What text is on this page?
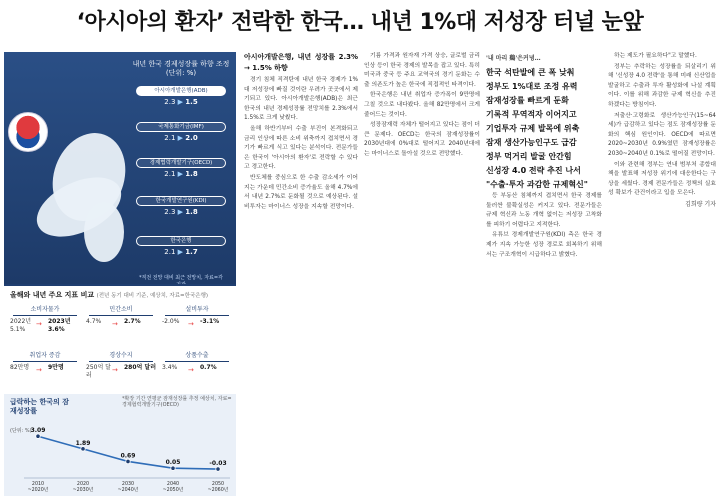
‘아시아의 환자’ 전락한 한국… 내년 1%대 저성장 터널 눈앞
내년 한국 경제성장률 하향 조정
(단위: %)
아시아개발은행(ADB)
2.3 ▶ 1.5
국제통화기금(IMF)
2.1 ▶ 2.0
경제협력개발기구(OECD)
2.1 ▶ 1.8
한국개발연구원(KDI)
2.3 ▶ 1.8
한국은행
2.1 ▶ 1.7
*직전 전망 대비 최근 전망치, 자료=각
올해와 내년 주요 지표 비교 (전년 동기 대비 기준, 예상치, 자료=한국은행)
소비자물가
2022년 5.1%
→ 2023년 3.6%
민간소비
4.7% → 2.7%
설비투자
-2.0% → -3.1%
취업자 증감
82만명 → 9만명
경상수지
250억 달러
→ 280억 달러
상품수출
3.4% → 0.7%
급락하는 한국의 잠재성장률
(단위: %)
*확장 기간 연평균 잠재성장률 추정 예상치, 자료=경제협력개발기구(OECD)
3.09
1.89
0.69
0.05	-0.03
2010
~2020년
2020
~2030년
2030
~2040년
2040
~2050년
2050
~2060년
아시아개발은행, 내년 성장률 2.3% → 1.5% 하향

경기 침체 직격탄에 내년 한국 경제가 1%대 저성장에 빠질 것이란 우려가 곳곳에서 제기되고 있다. 아시아개발은행(ADB)은 최근 한국의 내년 경제성장률 전망치를 2.3%에서 1.5%로 크게 낮췄다.

올해 하반기부터 수출 부진이 본격화되고 금리 인상에 따른 소비 위축까지 겹치면서 경기가 빠르게 식고 있다는 분석이다. 전문가들은 한국이 '아시아의 환자'로 전락할 수 있다고 경고한다.

반도체를 중심으로 한 수출 감소세가 이어지는 가운데 민간소비 증가율도 올해 4.7%에서 내년 2.7%로 둔화될 것으로 예상된다. 설비투자는 마이너스 성장을 지속할 전망이다.

기름 가격과 원자재 가격 상승, 글로벌 금리 인상 등이 한국 경제의 발목을 잡고 있다. 특히 미국과 중국 등 주요 교역국의 경기 둔화는 수출 의존도가 높은 한국에 직접적인 타격이다.

한국은행은 내년 취업자 증가폭이 9만명에 그칠 것으로 내다봤다. 올해 82만명에서 크게 줄어드는 것이다.

성장잠재력 자체가 떨어지고 있다는 점이 더 큰 문제다. OECD는 한국의 잠재성장률이 2030년대에 0%대로 떨어지고 2040년대에는 마이너스로 돌아설 것으로 전망했다.

'내 마리 鷄'은커녕…
한국 석탄발에 큰 폭 낮춰
정부도 1%대로 조정 유력
잠재성장률 빠르게 둔화
기록적 무역적자 이어지고
기업투자 규제 발목에 위축
잠재 생산가능인구도 급감
정부 먹거리 발굴 안간힘
신성장 4.0 전략 추진 나서
"수출·투자 과감한 규제혁신"

등 부동산 침체까지 겹치면서 한국 경제를 둘러싼 불확실성은 커지고 있다. 전문가들은 규제 혁신과 노동 개혁 없이는 저성장 고착화를 피하기 어렵다고 지적한다.

유튜브 경제개발연구원(KDI) 측은 한국 경제가 지속 가능한 성장 경로로 회복하기 위해서는 구조개혁이 시급하다고 밝혔다.

하는 제도가 필요하다"고 말했다.

정부는 추락하는 성장률을 되살리기 위해 '신성장 4.0 전략'을 통해 미래 신산업을 발굴하고 수출과 투자 활성화에 나설 계획이다. 이를 위해 과감한 규제 혁신을 추진하겠다는 방침이다.

저출산·고령화로 생산가능인구(15~64세)가 급감하고 있다는 점도 잠재성장률 둔화의 핵심 원인이다. OECD에 따르면 2020~2030년 0.9%였던 잠재성장률은 2030~2040년 0.1%로 떨어질 전망이다.

이와 관련해 정부는 연내 범부처 종합대책을 발표해 저성장 위기에 대응한다는 구상을 세웠다. 경제 전문가들은 정책의 실효성 확보가 관건이라고 입을 모은다.

김희량 기자
